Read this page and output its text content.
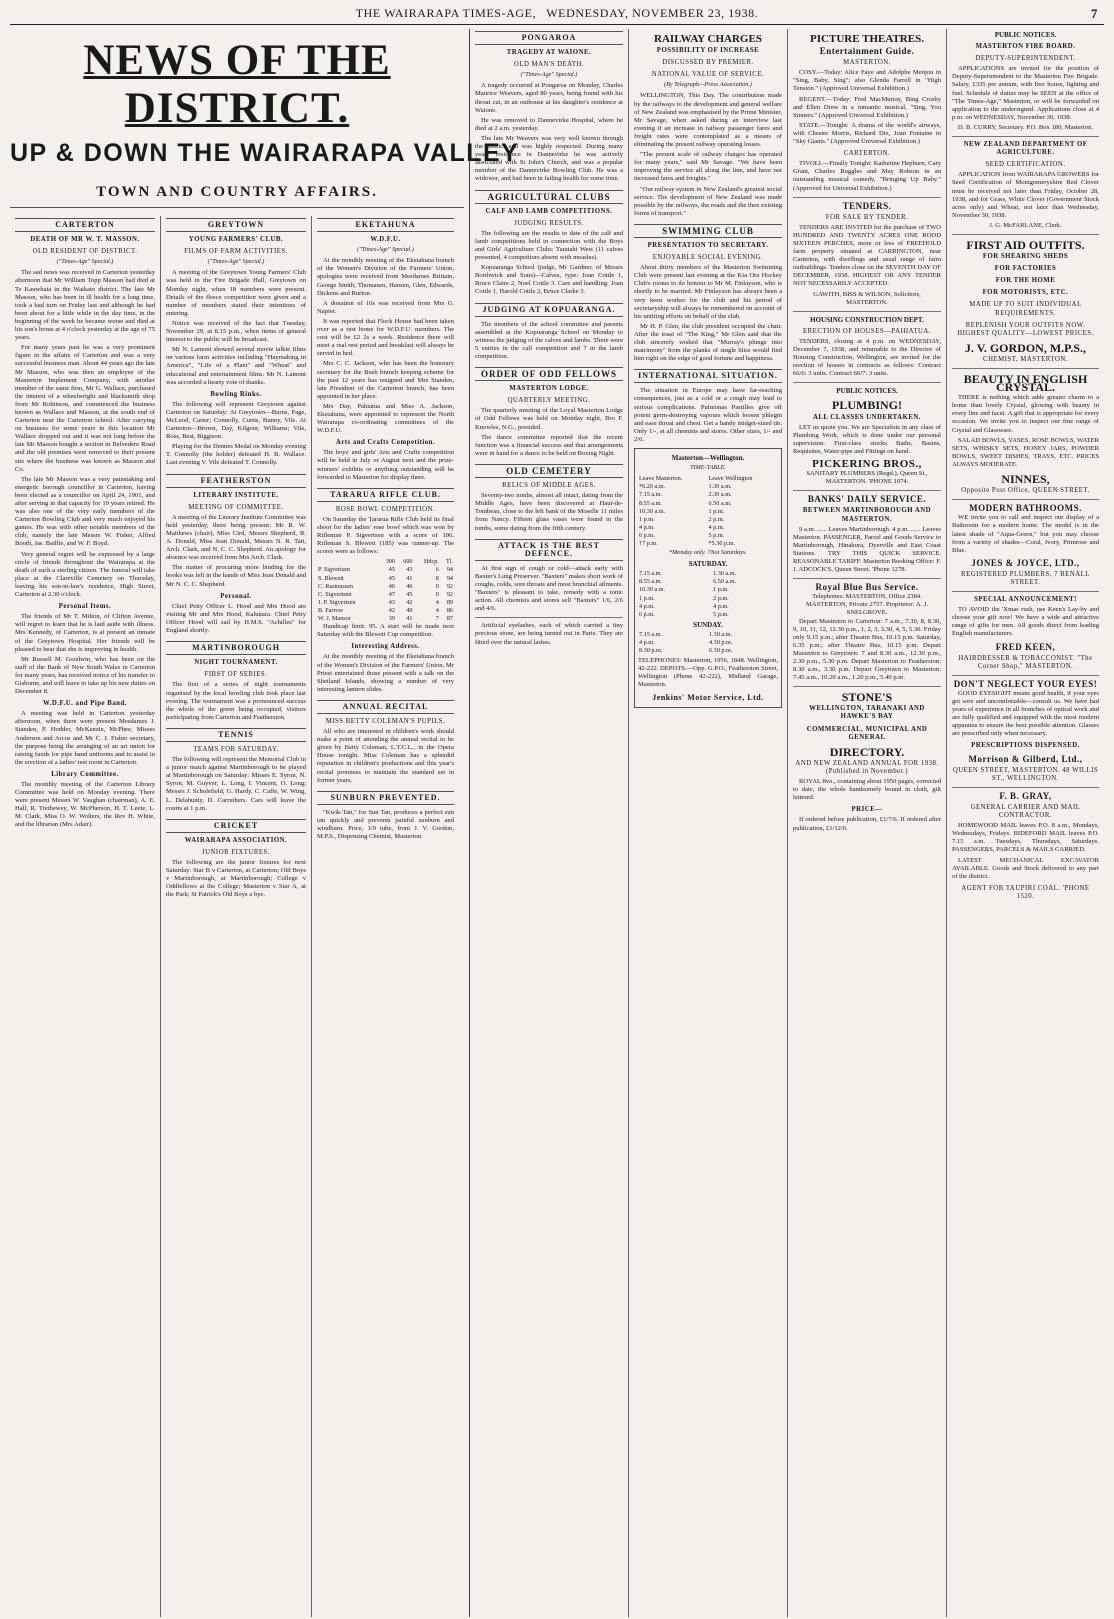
THE WAIRARAPA TIMES-AGE, WEDNESDAY, NOVEMBER 23, 1938.	7
NEWS OF THE DISTRICT.
UP & DOWN THE WAIRARAPA VALLEY
TOWN AND COUNTRY AFFAIRS.
CARTERTON
DEATH OF MR W. T. MASSON.
OLD RESIDENT OF DISTRICT.
("Times-Age" Special.)

The sad news was received in Carterton yesterday afternoon that Mr William Topp Masson had died at Te Kauwhata in the Waikato district. The late Mr Masson, who has been in ill health for a long time, took a bad turn on Friday last and although he had been about for a little while in the day time, in the beginning of the week he became worse and died at his son's home at 4 o'clock yesterday at the age of 75 years.

For many years past he was a very prominent figure in the affairs of Carterton and was a very successful business man. About 44 years ago the late Mr Masson, who was then an employee of the Masterton Implement Company, with another member of the same firm, Mr G. Wallace, purchased the interest of a wheelwright and blacksmith shop from Mr Robinson, and commenced the business known as Wallace and Masson, at the south end of Carterton near the Carterton school. After carrying on business for some years in this location Mr Wallace dropped out and it was not long before the late Mr Masson bought a section in Belvedere Road and the old premises were removed to their present site where the business was known as Masson and Co.

The late Mr Masson was a very painstaking and energetic borough councillor in Carterton, having been elected as a councillor on April 24, 1901, and after serving in that capacity for 10 years retired. He was also one of the very early members of the Carterton Bowling Club and very much enjoyed his games. He was with other notable members of the club, namely the late Messrs W. Fisher, Alfred Booth, Jas. Baillie, and W. F. Boyd.

Very general regret will be expressed by a large circle of friends throughout the Wairarapa at the death of such a sterling citizen. The funeral will take place at the Clareville Cemetery on Thursday, leaving his son-in-law's residence, High Street, Carterton at 2.30 o'clock.

Personal Items.

The friends of Mr T. Milton, of Clifton Avenue, will regret to learn that he is laid aside with illness. Mrs Kennedy, of Carterton, is at present an inmate of the Greytown Hospital. Her friends will be pleased to hear that she is improving in health.

Mr Russell M. Goodwin, who has been on the staff of the Bank of New South Wales in Carterton for many years, has received notice of his transfer to Gisborne, and will leave to take up his new duties on December 8.

W.D.F.U. and Pipe Band.

A meeting was held in Carterton yesterday afternoon, when there were present Mesdames J. Standen, P. Hodder, McKenzie, McPhee, Misses Anderson and Arcus and Mr C. J. Fisher secretary, the purpose being the arranging of an art union for raising funds for pipe band uniforms and to assist in the erection of a ladies' rest room in Carterton.

Library Committee.

The monthly meeting of the Carterton Library Committee was held on Monday evening. There were present Messrs W. Vaughan (chairman), A. E. Hall, R. Trethewey, W. McPherson, H. T. Leete, L. M. Clark, Miss O. W. Wolters, the Rev H. White, and the librarian (Mrs Adair).

GREYTOWN
YOUNG FARMERS' CLUB.
FILMS OF FARM ACTIVITIES.
("Times-Age" Special.)

A meeting of the Greytown Young Farmers' Club was held in the Fire Brigade Hall, Greytown on Monday night, when 18 members were present. Details of the fleece competition were given and a number of members stated their intentions of entering.

Notice was received of the fact that Tuesday, November 29, at 8.15 p.m., when items of general interest to the public will be broadcast.

Mr N. Lamont showed several movie talkie films on various farm activities including "Haymaking in America", "Life of a Plant" and "Wheat" and educational and entertainment films. Mr N. Lamont was accorded a hearty vote of thanks.

Bowling Rinks.

The following will represent Greytown against Carterton on Saturday: At Greytown—Burns, Page, McLeod, Carter; Connolly, Curtis, Bunny, Vile. At Carterton—Brown, Day, Kilgour, Williams; Vile, Ross, Best, Biggison.

Playing for the Dennes Medal on Monday evening T. Connolly (the holder) defeated H. B. Wallace. Last evening V. Vile defeated T. Connolly.

FEATHERSTON
LITERARY INSTITUTE.
MEETING OF COMMITTEE.

A meeting of the Literary Institute Committee was held yesterday, there being present: Mr R. W. Matthews (chair), Miss Cird, Messrs Shepherd, R. A. Donald, Miss Jean Donald, Messrs N. R. Tait, Arch. Clark, and N. C. C. Shepherd. An apology for absence was received from Mrs Arch. Clark.

The matter of procuring more binding for the books was left in the hands of Miss Jean Donald and Mr N. C. C. Shepherd.

Personal.

Chief Petty Officer L. Hood and Mrs Hood are visiting Mr and Mrs Hood, Kahutara. Chief Petty Officer Hood will sail by H.M.S. "Achilles" for England shortly.

MARTINBOROUGH
NIGHT TOURNAMENT.
FIRST OF SERIES.

The first of a series of night tournaments organised by the local bowling club took place last evening. The tournament was a pronounced success the whole of the green being occupied, visitors participating from Carterton and Featherston.

TENNIS
TEAMS FOR SATURDAY.

The following will represent the Memorial Club in a junior match against Martinborough to be played at Martinborough on Saturday: Misses E. Syron, N. Syron, M. Guyver, L. Long, I. Vincent, O. Long; Messrs J. Scholefield, G. Hardy, C. Caffe, W. Wing, L. Delahunty, D. Carruthers. Cars will leave the courts at 1 p.m.

CRICKET
WAIRARAPA ASSOCIATION.
JUNIOR FIXTURES.

The following are the junior fixtures for next Saturday: Star B v Carterton, at Carterton; Old Boys v Martinborough, at Martinborough; College v Oddfellows at the College; Masterton v Star A, at the Park; St Patrick's Old Boys a bye.

EKETAHUNA
W.D.F.U.
("Times-Age" Special.)

At the monthly meeting of the Eketahuna branch of the Women's Division of the Farmers' Union, apologies were received from Mesdames Brittain, George Smith, Thomasen, Hansen, Glen, Edwards, Dickens and Burton.

A donation of 10s was received from Mrs G. Napier.

It was reported that Flock House had been taken over as a rest home for W.D.F.U. members. The cost will be £2 2s a week. Residence there will meet a real rest period and breakfast will always be served in bed.

Mrs C. C. Jackson, who has been the honorary secretary for the Bush branch keeping scheme for the past 12 years has resigned and Mrs Standen, late President of the Carterton branch, has been appointed in her place.

Mrs Day, Pahiatua and Miss A. Jackson, Eketahuna, were appointed to represent the North Wairarapa co-ordinating committees of the W.D.F.U.

Arts and Crafts Competition.

The boys' and girls' Arts and Crafts competition will be held in July or August next and the prize-winners' exhibits or anything outstanding will be forwarded to Masterton for display there.

TARARUA RIFLE CLUB.
ROSE BOWL COMPETITION.

On Saturday the Tararua Rifle Club held its final shoot for the ladies' rose bowl which was won by Rifleman P. Sigvertsen with a score of 196. Rifleman S. Blewett (185) was runner-up. The scores were as follows:

	300	600	Hdcp.	Tl.
P. Sigvertsen	45	43	6	94
S. Blewett	45	41	8	94
C. Rasmussen	46	46	0	92
C. Sigvertsen	47	45	0	92
J. P. Sigvertsen	43	42	4	89
B. Farrow	42	40	4	86
W. J. Mansor	39	41	7	87

Handicap limit: 95. A start will be made next Saturday with the Blewett Cup competition.

Interesting Address.

At the monthly meeting of the Eketahuna branch of the Women's Division of the Farmers' Union, Mr Priest entertained those present with a talk on the Shetland Islands, showing a number of very interesting lantern slides.

ANNUAL RECITAL
MISS BETTY COLEMAN'S PUPILS.

All who are interested in children's work should make a point of attending the annual recital to be given by Betty Coleman, L.T.C.L., in the Opera House tonight. Miss Coleman has a splendid reputation in children's productions and this year's recital promises to maintain the standard set in former years.

SUNBURN PREVENTED.

"Kwik-Tan," for Sun Tan, produces a perfect sun tan quickly and prevents painful sunburn and windburn. Price, 1/9 tube, from J. V. Gordon, M.P.S., Dispensing Chemist, Masterton.

PONGAROA
TRAGEDY AT WAIONE.
OLD MAN'S DEATH.
("Times-Age" Special.)

A tragedy occurred at Pongaroa on Monday, Charles Maurice Weavers, aged 80 years, being found with his throat cut, in an outhouse at his daughter's residence at Waione.

He was removed to Dannevirke Hospital, where he died at 2 a.m. yesterday.

The late Mr Weavers was very well known through the district and was highly respected. During many years' residence in Dannevirke he was actively associated with St John's Church, and was a popular member of the Dannevirke Bowling Club. He was a widower, and had been in failing health for some time.

AGRICULTURAL CLUBS
CALF AND LAMB COMPETITIONS.
JUDGING RESULTS.

The following are the results to date of the calf and lamb competitions held in connection with the Boys and Girls' Agriculture Clubs: Taratahi West (11 calves presented, 4 competitors absent with measles).

Kopuaranga School (judge, Mr Gardner, of Messrs Borthwick and Sons)—Calves, type: Joan Cottle 1, Bruce Claire 2, Noel Cottle 3. Care and handling: Joan Cottle 1, Harold Cottle 2, Bruce Clarke 3.

JUDGING AT KOPUARANGA.

The members of the school committee and parents assembled at the Kopuaranga School on Monday to witness the judging of the calves and lambs. There were 5 entries in the calf competition and 7 in the lamb competition.

ORDER OF ODD FELLOWS
MASTERTON LODGE.
QUARTERLY MEETING.

The quarterly meeting of the Loyal Masterton Lodge of Odd Fellows was held on Monday night, Bro F. Knowles, N.G., presided.

The dance committee reported that the recent function was a financial success and that arrangements were in hand for a dance to be held on Boxing Night.

OLD CEMETERY
RELICS OF MIDDLE AGES.

Seventy-two tombs, almost all intact, dating from the Middle Ages, have been discovered at Haut-de-Tombeau, close to the left bank of the Moselle 11 miles from Nancy. Fifteen glass vases were found in the tombs, some dating from the fifth century.

ATTACK IS THE BEST DEFENCE.

At first sign of cough or cold—attack early with Baxter's Lung Preserver. "Baxters" makes short work of coughs, colds, sore throats and most bronchial ailments. "Baxters" is pleasant to take, remedy with a tonic action. All chemists and stores sell "Baxters" 1/6, 2/6 and 4/6.

Artificial eyelashes, each of which carried a tiny precious stone, are being turned out in Paris. They are fitted over the natural lashes.

RAILWAY CHARGES
POSSIBILITY OF INCREASE
DISCUSSED BY PREMIER.
NATIONAL VALUE OF SERVICE.
(By Telegraph—Press Association.)

WELLINGTON, This Day. The contribution made by the railways to the development and general welfare of New Zealand was emphasised by the Prime Minister, Mr Savage, when asked during an interview last evening if an increase in railway passenger fares and freight rates were contemplated as a means of eliminating the present railway operating losses.

"The present scale of railway charges has operated for many years," said Mr Savage. "We have been improving the service all along the line, and have not increased fares and freights."

"Our railway system in New Zealand's greatest social service. The development of New Zealand was made possible by the railways, the roads and the then existing forms of transport."

SWIMMING CLUB
PRESENTATION TO SECRETARY.
ENJOYABLE SOCIAL EVENING.

About thirty members of the Masterton Swimming Club were present last evening at the Kia Ora Hockey Club's rooms to do honour to Mr M. Finlayson, who is shortly to be married. Mr Finlayson has always been a very keen worker for the club and his period of secretaryship will always be remembered on account of his untiring efforts on behalf of the club.

Mr H. P. Glen, the club president occupied the chair. After the toast of "The King," Mr Glen said that the club sincerely wished that "Murray's plunge into matrimony" from the planks of single bliss would find him right on the edge of good fortune and happiness.

INTERNATIONAL SITUATION.

The situation in Europe may have far-reaching consequences, just as a cold or a cough may lead to serious complications. Pulmonas Pastilles give off potent germ-destroying vapours which loosen phlegm and ease throat and chest. Get a handy midget-sized tin. Only 1/-, at all chemists and stores. Other sizes, 1/- and 2/6.

Masterton—Wellington.
TIME-TABLE.
Leave Masterton.	Leave Wellington
*6.20 a.m.	1.30 a.m.
7.15 a.m.	2.30 a.m.
8.55 a.m.	6.50 a.m.
10.30 a.m.	1 p.m.
1 p.m.	2 p.m.
4 p.m.	4 p.m.
6 p.m.	5 p.m.
†7 p.m.	*5.30 p.m.
*Monday only. †Not Saturdays.
SATURDAY.
7.15 a.m.	1.30 a.m.
8.55 a.m.	6.50 a.m.
10.30 a.m.	1 p.m.
1 p.m.	2 p.m.
4 p.m.	4 p.m.
6 p.m.	5 p.m.
SUNDAY.
7.15 a.m.	1.30 a.m.
4 p.m.	4.30 p.m.
8.30 p.m.	6.30 p.m.

TELEPHONES: Masterton, 1956, 1848. Wellington, 42-222. DEPOTS.—Opp. G.P.O., Featherston Street, Wellington (Phone 42-222), Midland Garage, Masterton.

Jenkins' Motor Service, Ltd.
PICTURE THEATRES.
Entertainment Guide.
MASTERTON.

COSY.—Today: Alice Faye and Adolphe Menjou in "Sing, Baby, Sing"; also Glenda Farrell in "High Tension." (Approved Universal Exhibition.)

REGENT.—Today: Fred MacMurray, Bing Crosby and Ellen Drew in a romantic musical, "Sing, You Sinners." (Approved Universal Exhibition.)

STATE.—Tonight: A drama of the world's airways, with Chester Morris, Richard Dix, Joan Fontaine in "Sky Giants." (Approved Universal Exhibition.)

CARTERTON.

TIVOLI.—Finally Tonight: Katherine Hepburn, Cary Grant, Charles Ruggles and May Robson in an outstanding musical comedy, "Bringing Up Baby." (Approved for Universal Exhibition.)

TENDERS.
FOR SALE BY TENDER.

TENDERS ARE INVITED for the purchase of TWO HUNDRED AND TWENTY ACRES ONE ROOD SIXTEEN PERCHES, more or less of FREEHOLD farm property situated at CARRINGTON, near Carterton, with dwellings and usual range of farm outbuildings. Tenders close on the SEVENTH DAY OF DECEMBER, 1938. HIGHEST OR ANY TENDER NOT NECESSARILY ACCEPTED.

GAWITH, BISS & WILSON, Solicitors, MASTERTON.
HOUSING CONSTRUCTION DEPT.
ERECTION OF HOUSES—PAHIATUA.

TENDERS, closing at 4 p.m. on WEDNESDAY, December 7, 1938, and returnable to the Director of Housing Construction, Wellington, are invited for the erection of houses in contracts as follows: Contract 66/6: 3 units. Contract 66/7: 3 units.

PUBLIC NOTICES.
PLUMBING!
ALL CLASSES UNDERTAKEN.

LET us quote you. We are Specialists in any class of Plumbing Work, which is done under our personal supervision. First-class stocks Baths, Basins, Requisites, Water-pipe and Fittings on hand.

PICKERING BROS.,
SANITARY PLUMBERS (Regd.), Queen St., MASTERTON. 'PHONE 1074.
BANKS' DAILY SERVICE.
BETWEEN MARTINBOROUGH AND MASTERTON.

9 a.m. ...... Leaves Martinborough. 4 p.m. ...... Leaves Masterton. PASSENGER, Parcel and Goods Service to Martinborough, Hinakura, Dyerville and East Coast Stations. TRY THIS QUICK SERVICE. REASONABLE TARIFF. Masterton Booking Office: F. J. ADCOCK'S, Queen Street. 'Phone 1278.

Royal Blue Bus Service.
Telephones: MASTERTON, Office 2384. MASTERTON, Private 2757. Proprietor: A. J. SNELGROVE.

Depart Masterton to Carterton: 7 a.m., 7.30, 8, 8.30, 9, 10, 11, 12, 12.30 p.m., 1, 2, 3, 3.30, 4, 5, 5.30. Friday only 9.15 p.m.; after Theatre Bus, 10.15 p.m. Saturday, 6.35 p.m.; after Theatre Bus, 10.15 p.m. Depart Masterton to Greytown: 7 and 8.30 a.m., 12.30 p.m., 2.30 p.m., 5.30 p.m. Depart Masterton to Featherston: 8.30 a.m., 3.30 p.m. Depart Greytown to Masterton: 7.45 a.m., 10.20 a.m., 1.20 p.m., 5.40 p.m.

STONE'S
WELLINGTON, TARANAKI AND HAWKE'S BAY
COMMERCIAL, MUNICIPAL AND GENERAL
DIRECTORY.
AND NEW ZEALAND ANNUAL FOR 1938. (Published in November.)

ROYAL 8vo., containing about 1950 pages, corrected to date, the whole handsomely bound in cloth, gilt lettered.

PRICE—

If ordered before publication, £1/7/6. If ordered after publication, £1/12/6.

PUBLIC NOTICES.
MASTERTON FIRE BOARD.
DEPUTY-SUPERINTENDENT.

APPLICATIONS are invited for the position of Deputy-Superintendent to the Masterton Fire Brigade. Salary, £335 per annum, with free house, lighting and fuel. Schedule of duties may be SEEN at the office of "The Times-Age," Masterton, or will be forwarded on application to the undersigned. Applications close at 4 p.m. on WEDNESDAY, November 30, 1938.

D. B. CURRY, Secretary. P.O. Box 180, Masterton.
NEW ZEALAND DEPARTMENT OF AGRICULTURE.
SEED CERTIFICATION.

APPLICATION from WAIRARAPA GROWERS for Seed Certification of Montgomeryshire Red Clover must be received not later than Friday, October 28, 1938, and for Grass, White Clover (Government Stock acres only) and Wheat, not later than Wednesday, November 30, 1938.

J. G. McFARLANE, Clerk.
FIRST AID OUTFITS.
FOR SHEARING SHEDS
FOR FACTORIES
FOR THE HOME
FOR MOTORISTS, ETC.
MADE UP TO SUIT INDIVIDUAL REQUIREMENTS.
REPLENISH YOUR OUTFITS NOW. HIGHEST QUALITY—LOWEST PRICES.
J. V. GORDON, M.P.S.,
CHEMIST, MASTERTON.
BEAUTY IN ENGLISH CRYSTAL.

THERE is nothing which adds greater charm to a home than lovely Crystal, glowing with beauty in every line and facet. A gift that is appropriate for every occasion. We invite you to inspect our fine range of Crystal and Glassware.

SALAD BOWLS, VASES, ROSE BOWLS, WATER SETS, WHISKY SETS, HONEY JARS, POWDER BOWLS, SWEET DISHES, TRAYS, ETC. PRICES ALWAYS MODERATE.

NINNES,
Opposite Post Office, QUEEN STREET.
MODERN BATHROOMS.

WE invite you to call and inspect our display of a Bathroom for a modern home. The model is in the latest shade of "Aqua-Green," but you may choose from a variety of shades—Coral, Ivory, Primrose and Blue.

JONES & JOYCE, LTD.,
REGISTERED PLUMBERS, 7 RENALL STREET.
SPECIAL ANNOUNCEMENT!

TO AVOID the 'Xmas rush, use Keen's Lay-by and choose your gift now! We have a wide and attractive range of gifts for men. All goods direct from leading English manufacturers.

FRED KEEN,
HAIRDRESSER & TOBACCONIST. "The Corner Shop," MASTERTON.
DON'T NEGLECT YOUR EYES!

GOOD EYESIGHT means good health, if your eyes get sore and uncomfortable—consult us. We have had years of experience in all branches of optical work and are fully qualified and equipped with the most modern apparatus to ensure the best possible attention. Glasses are prescribed only when necessary.

PRESCRIPTIONS DISPENSED.
Morrison & Gilberd, Ltd.,
QUEEN STREET, MASTERTON. 48 WILLIS ST., WELLINGTON.
F. B. GRAY,
GENERAL CARRIER AND MAIL CONTRACTOR.

HOMEWOOD MAIL leaves P.O. 8 a.m., Mondays, Wednesdays, Fridays. BIDEFORD MAIL leaves P.O. 7.15 a.m. Tuesdays, Thursdays, Saturdays. PASSENGERS, PARCELS & MAILS CARRIED.

LATEST MECHANICAL EXCAVATOR AVAILABLE. Goods and Stock delivered to any part of the district.

AGENT FOR TAUPIRI COAL. 'PHONE 1520.
